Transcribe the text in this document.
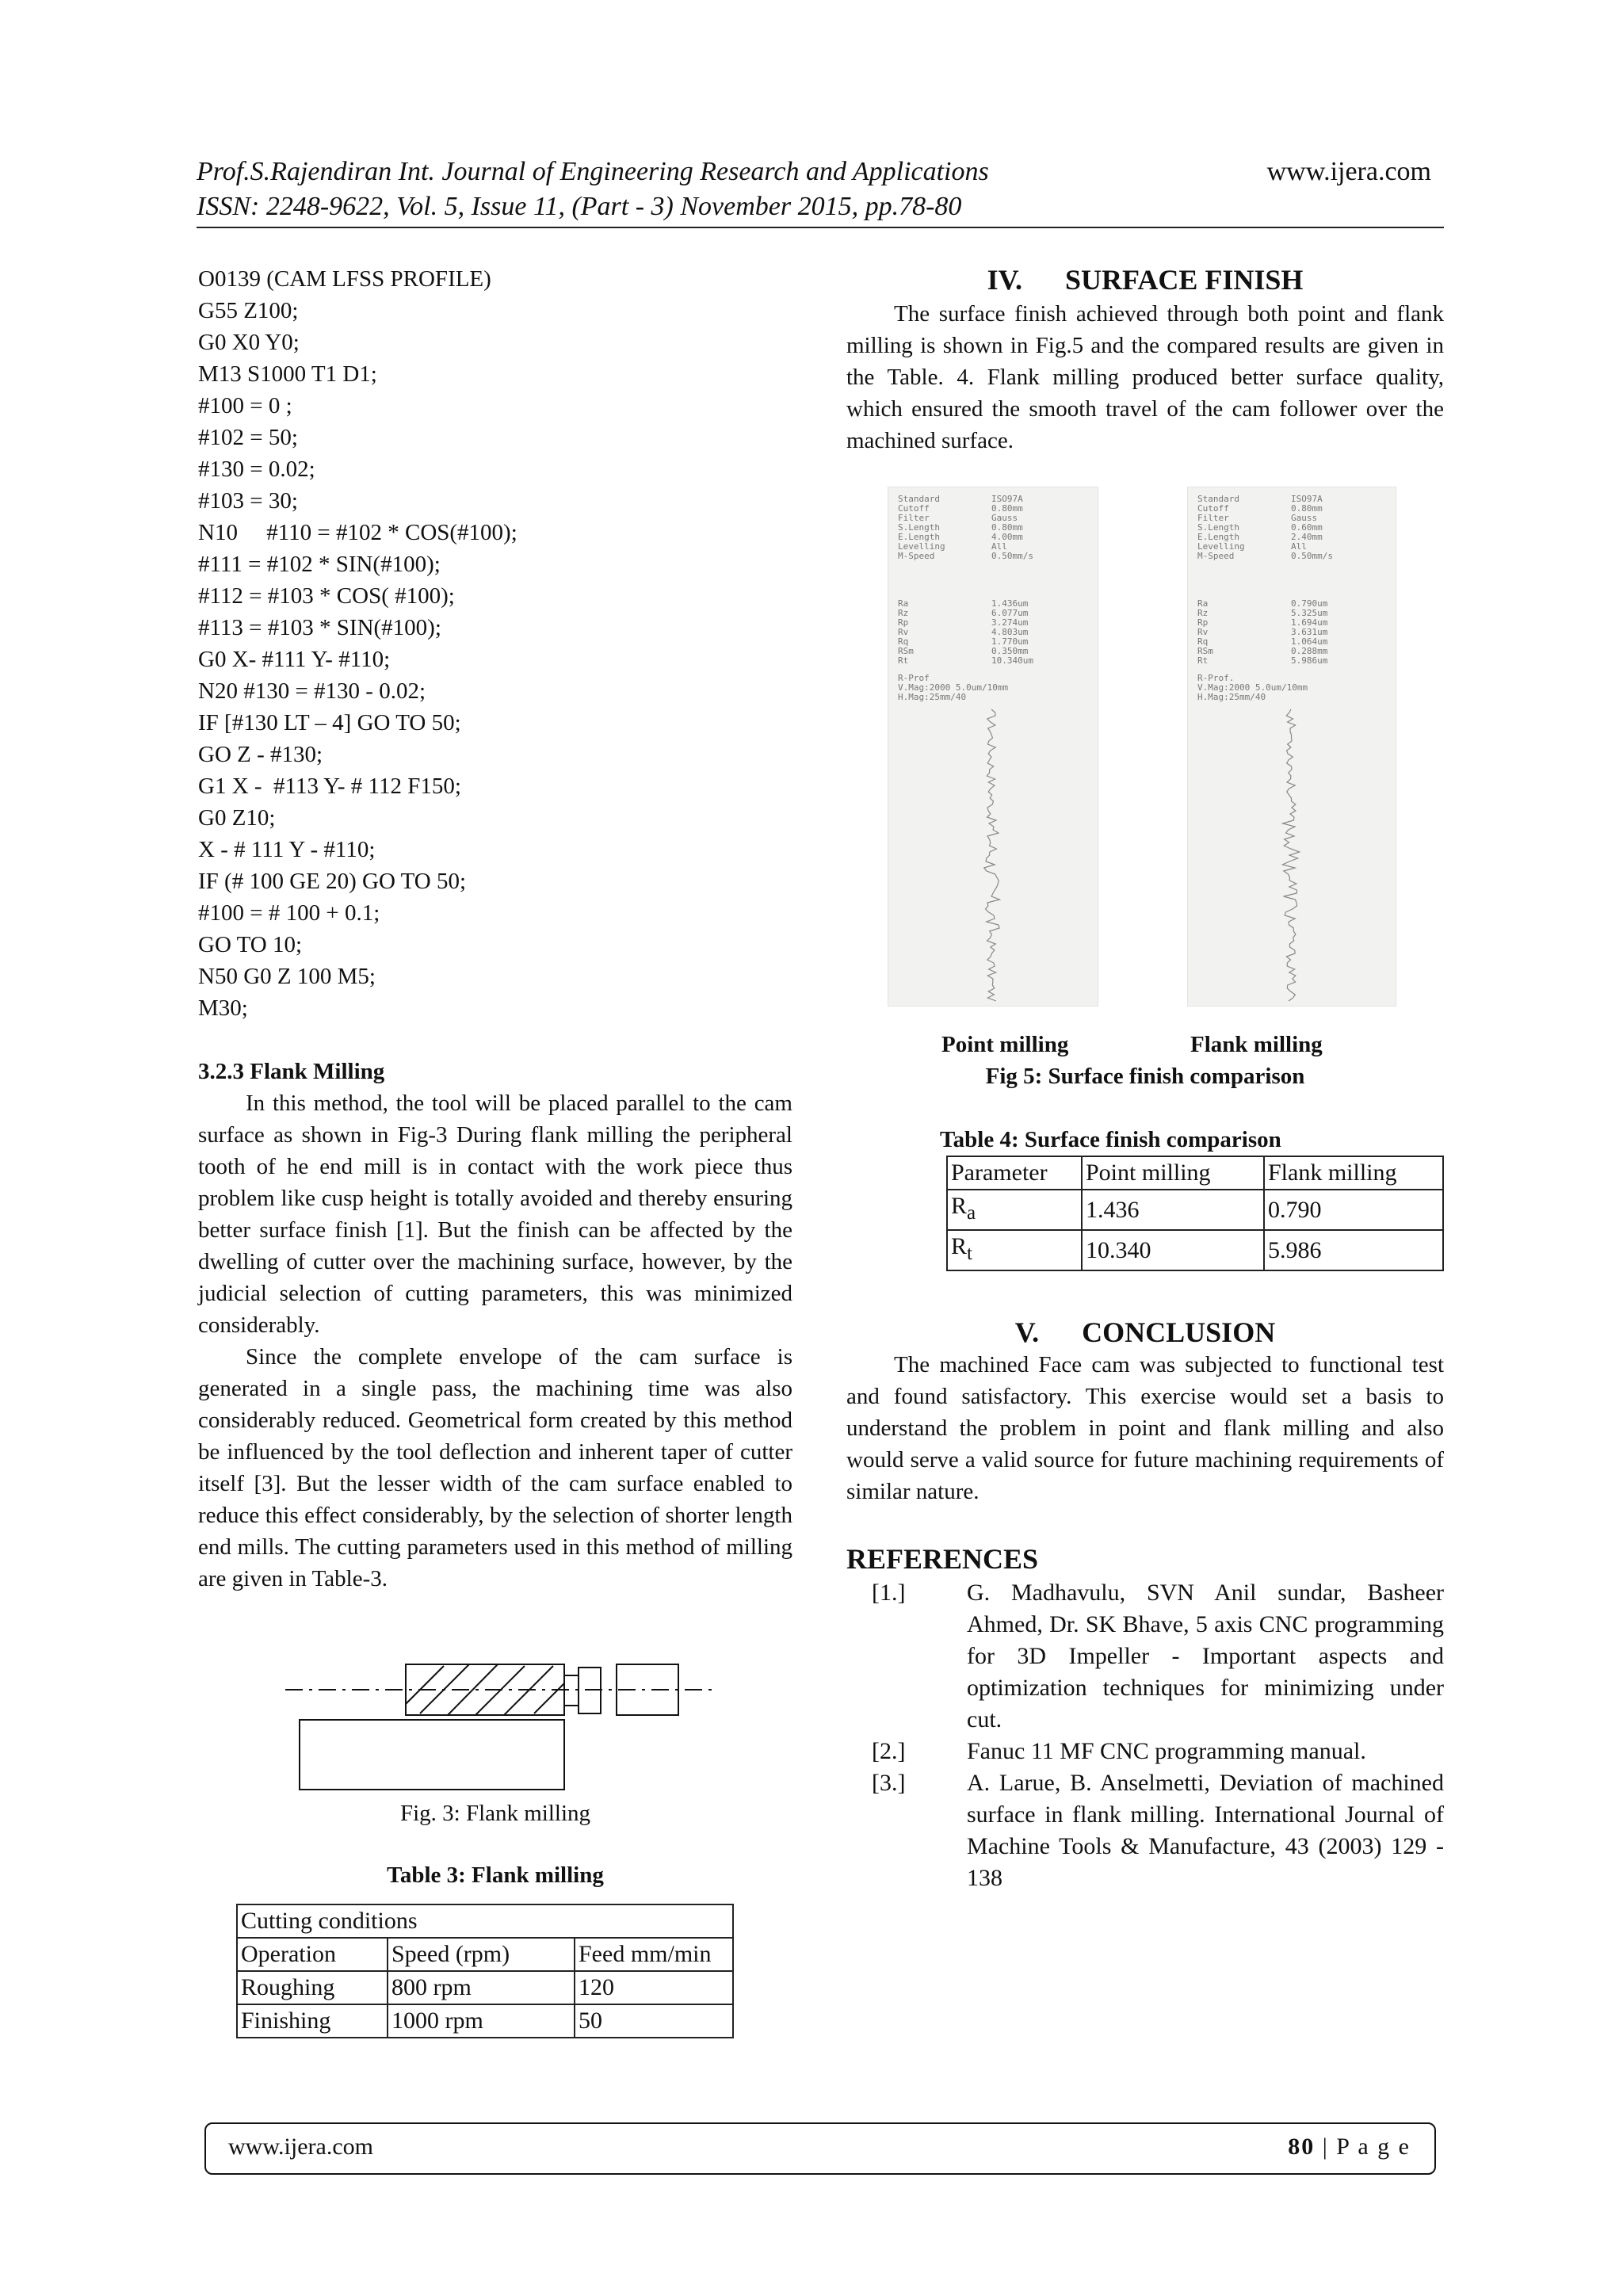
Prof.S.Rajendiran Int. Journal of Engineering Research and Applications	www.ijera.com
ISSN: 2248-9622, Vol. 5, Issue 11, (Part - 3) November 2015, pp.78-80
O0139 (CAM LFSS PROFILE)
G55 Z100;
G0 X0 Y0;
M13 S1000 T1 D1;
#100 = 0 ;
#102 = 50;
#130 = 0.02;
#103 = 30;
N10     #110 = #102 * COS(#100);
#111 = #102 * SIN(#100);
#112 = #103 * COS( #100);
#113 = #103 * SIN(#100);
G0 X- #111 Y- #110;
N20 #130 = #130 - 0.02;
IF [#130 LT – 4] GO TO 50;
GO Z - #130;
G1 X -  #113 Y- # 112 F150;
G0 Z10;
X - # 111 Y - #110;
IF (# 100 GE 20) GO TO 50;
#100 = # 100 + 0.1;
GO TO 10;
N50 G0 Z 100 M5;
M30;
3.2.3 Flank Milling

In this method, the tool will be placed parallel to the cam surface as shown in Fig-3 During flank milling the peripheral tooth of he end mill is in contact with the work piece thus problem like cusp height is totally avoided and thereby ensuring better surface finish [1]. But the finish can be affected by the dwelling of cutter over the machining surface, however, by the judicial selection of cutting parameters, this was minimized considerably.

Since the complete envelope of the cam surface is generated in a single pass, the machining time was also considerably reduced. Geometrical form created by this method be influenced by the tool deflection and inherent taper of cutter itself [3]. But the lesser width of the cam surface enabled to reduce this effect considerably, by the selection of shorter length end mills. The cutting parameters used in this method of milling are given in Table-3.

Fig. 3: Flank milling
Table 3: Flank milling
Cutting conditions		
Operation	Speed (rpm)	Feed mm/min
Roughing	800 rpm	120
Finishing	1000 rpm	50
IV. SURFACE FINISH

The surface finish achieved through both point and flank milling is shown in Fig.5 and the compared results are given in the Table. 4. Flank milling produced better surface quality, which ensured the smooth travel of the cam follower over the machined surface.

Standard	ISO97A
Cutoff	0.80mm
Filter	Gauss
S.Length	0.80mm
E.Length	4.00mm
Levelling	All
M-Speed	0.50mm/s
Ra	1.436um
Rz	6.077um
Rp	3.274um
Rv	4.803um
Rq	1.770um
RSm	0.350mm
Rt	10.340um
R-Prof
V.Mag:2000 5.0um/10mm
H.Mag:25mm/40
Standard	ISO97A
Cutoff	0.80mm
Filter	Gauss
S.Length	0.60mm
E.Length	2.40mm
Levelling	All
M-Speed	0.50mm/s
Ra	0.790um
Rz	5.325um
Rp	1.694um
Rv	3.631um
Rq	1.064um
RSm	0.288mm
Rt	5.986um
R-Prof.
V.Mag:2000 5.0um/10mm
H.Mag:25mm/40
Point milling	Flank milling
Fig 5: Surface finish comparison
Table 4: Surface finish comparison
Parameter	Point milling	Flank milling
$R_a$	1.436	0.790
$R_t$	10.340	5.986
V. CONCLUSION

The machined Face cam was subjected to functional test and found satisfactory. This exercise would set a basis to understand the problem in point and flank milling and also would serve a valid source for future machining requirements of similar nature.

REFERENCES
[1.]	G. Madhavulu, SVN Anil sundar, Basheer Ahmed, Dr. SK Bhave, 5 axis CNC programming for 3D Impeller - Important aspects and optimization techniques for minimizing under cut.
[2.]	Fanuc 11 MF CNC programming manual.
[3.]	A. Larue, B. Anselmetti, Deviation of machined surface in flank milling. International Journal of Machine Tools & Manufacture, 43 (2003) 129 - 138
www.ijera.com	80 | P a g e
